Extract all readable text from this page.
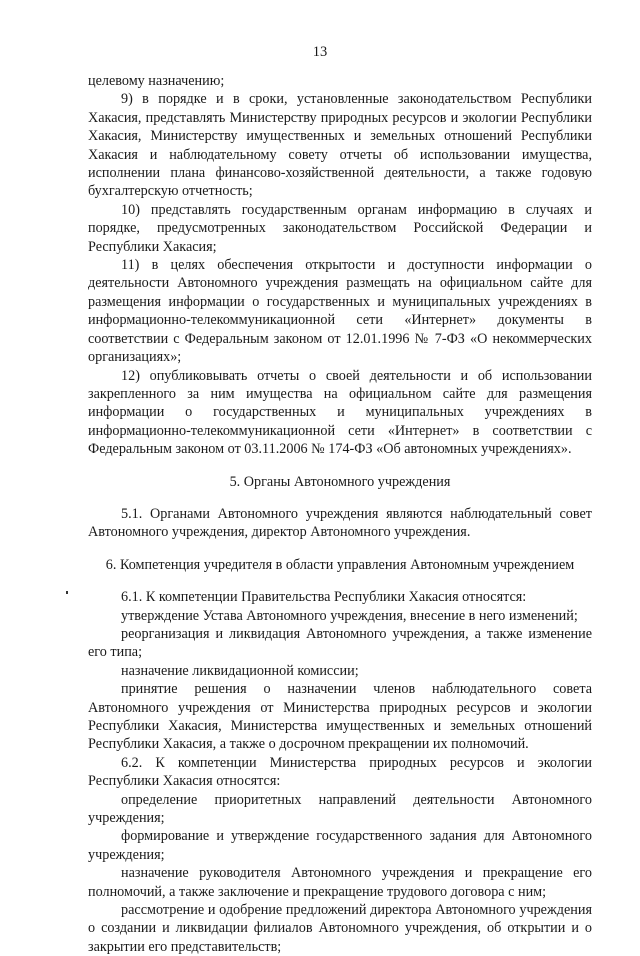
13

целевому назначению;

9) в порядке и в сроки, установленные законодательством Республики Хакасия, представлять Министерству природных ресурсов и экологии Республики Хакасия, Министерству имущественных и земельных отношений Республики Хакасия и наблюдательному совету отчеты об использовании имущества, исполнении плана финансово-хозяйственной деятельности, а также годовую бухгалтерскую отчетность;

10) представлять государственным органам информацию в случаях и порядке, предусмотренных законодательством Российской Федерации и Республики Хакасия;

11) в целях обеспечения открытости и доступности информации о деятельности Автономного учреждения размещать на официальном сайте для размещения информации о государственных и муниципальных учреждениях в информационно-телекоммуникационной сети «Интернет» документы в соответствии с Федеральным законом от 12.01.1996 № 7-ФЗ «О некоммерческих организациях»;

12) опубликовывать отчеты о своей деятельности и об использовании закрепленного за ним имущества на официальном сайте для размещения информации о государственных и муниципальных учреждениях в информационно-телекоммуникационной сети «Интернет» в соответствии с Федеральным законом от 03.11.2006 № 174-ФЗ «Об автономных учреждениях».

5. Органы Автономного учреждения

5.1. Органами Автономного учреждения являются наблюдательный совет Автономного учреждения, директор Автономного учреждения.

6. Компетенция учредителя в области управления Автономным учреждением

6.1. К компетенции Правительства Республики Хакасия относятся:

утверждение Устава Автономного учреждения, внесение в него изменений;

реорганизация и ликвидация Автономного учреждения, а также изменение его типа;

назначение ликвидационной комиссии;

принятие решения о назначении членов наблюдательного совета Автономного учреждения от Министерства природных ресурсов и экологии Республики Хакасия, Министерства имущественных и земельных отношений Республики Хакасия, а также о досрочном прекращении их полномочий.

6.2. К компетенции Министерства природных ресурсов и экологии Республики Хакасия относятся:

определение приоритетных направлений деятельности Автономного учреждения;

формирование и утверждение государственного задания для Автономного учреждения;

назначение руководителя Автономного учреждения и прекращение его полномочий, а также заключение и прекращение трудового договора с ним;

рассмотрение и одобрение предложений директора Автономного учреждения о создании и ликвидации филиалов Автономного учреждения, об открытии и о закрытии его представительств;
